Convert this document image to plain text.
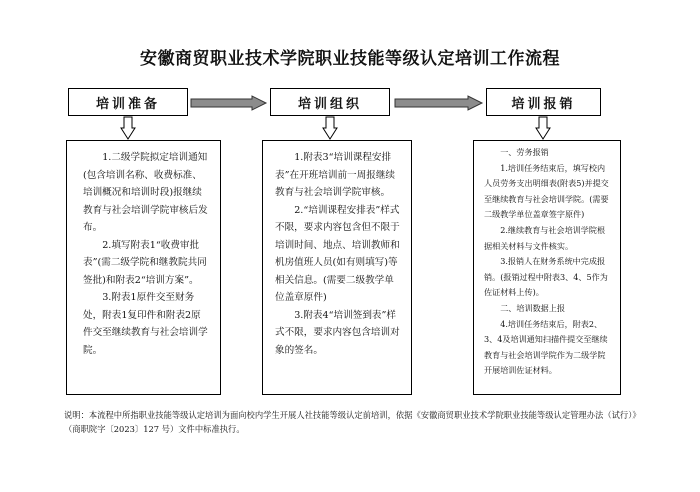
安徽商贸职业技术学院职业技能等级认定培训工作流程
培训准备	培训组织	培训报销

1.二级学院拟定培训通知(包含培训名称、收费标准、培训概况和培训时段)报继续教育与社会培训学院审核后发布。

2.填写附表1“收费审批表”(需二级学院和继教院共同签批)和附表2“培训方案”。

3.附表1原件交至财务处，附表1复印件和附表2原件交至继续教育与社会培训学院。

1.附表3“培训课程安排表”在开班培训前一周报继续教育与社会培训学院审核。

2.“培训课程安排表”样式不限，要求内容包含但不限于培训时间、地点、培训教师和机房值班人员(如有则填写)等相关信息。(需要二级教学单位盖章原件)

3.附表4“培训签到表”样式不限，要求内容包含培训对象的签名。

一、劳务报销

1.培训任务结束后，填写校内人员劳务支出明细表(附表5)并提交至继续教育与社会培训学院。(需要二级教学单位盖章签字原件)

2.继续教育与社会培训学院根据相关材料与文件核实。

3.报销人在财务系统中完成报销。(报销过程中附表3、4、5作为佐证材料上传)。

二、培训数据上报

4.培训任务结束后，附表2、3、4及培训通知扫描件提交至继续教育与社会培训学院作为二级学院开展培训佐证材料。

说明：本流程中所指职业技能等级认定培训为面向校内学生开展人社技能等级认定前培训，依据《安徽商贸职业技术学院职业技能等级认定管理办法（试行）》（商职院字〔2023〕127 号）文件中标准执行。
